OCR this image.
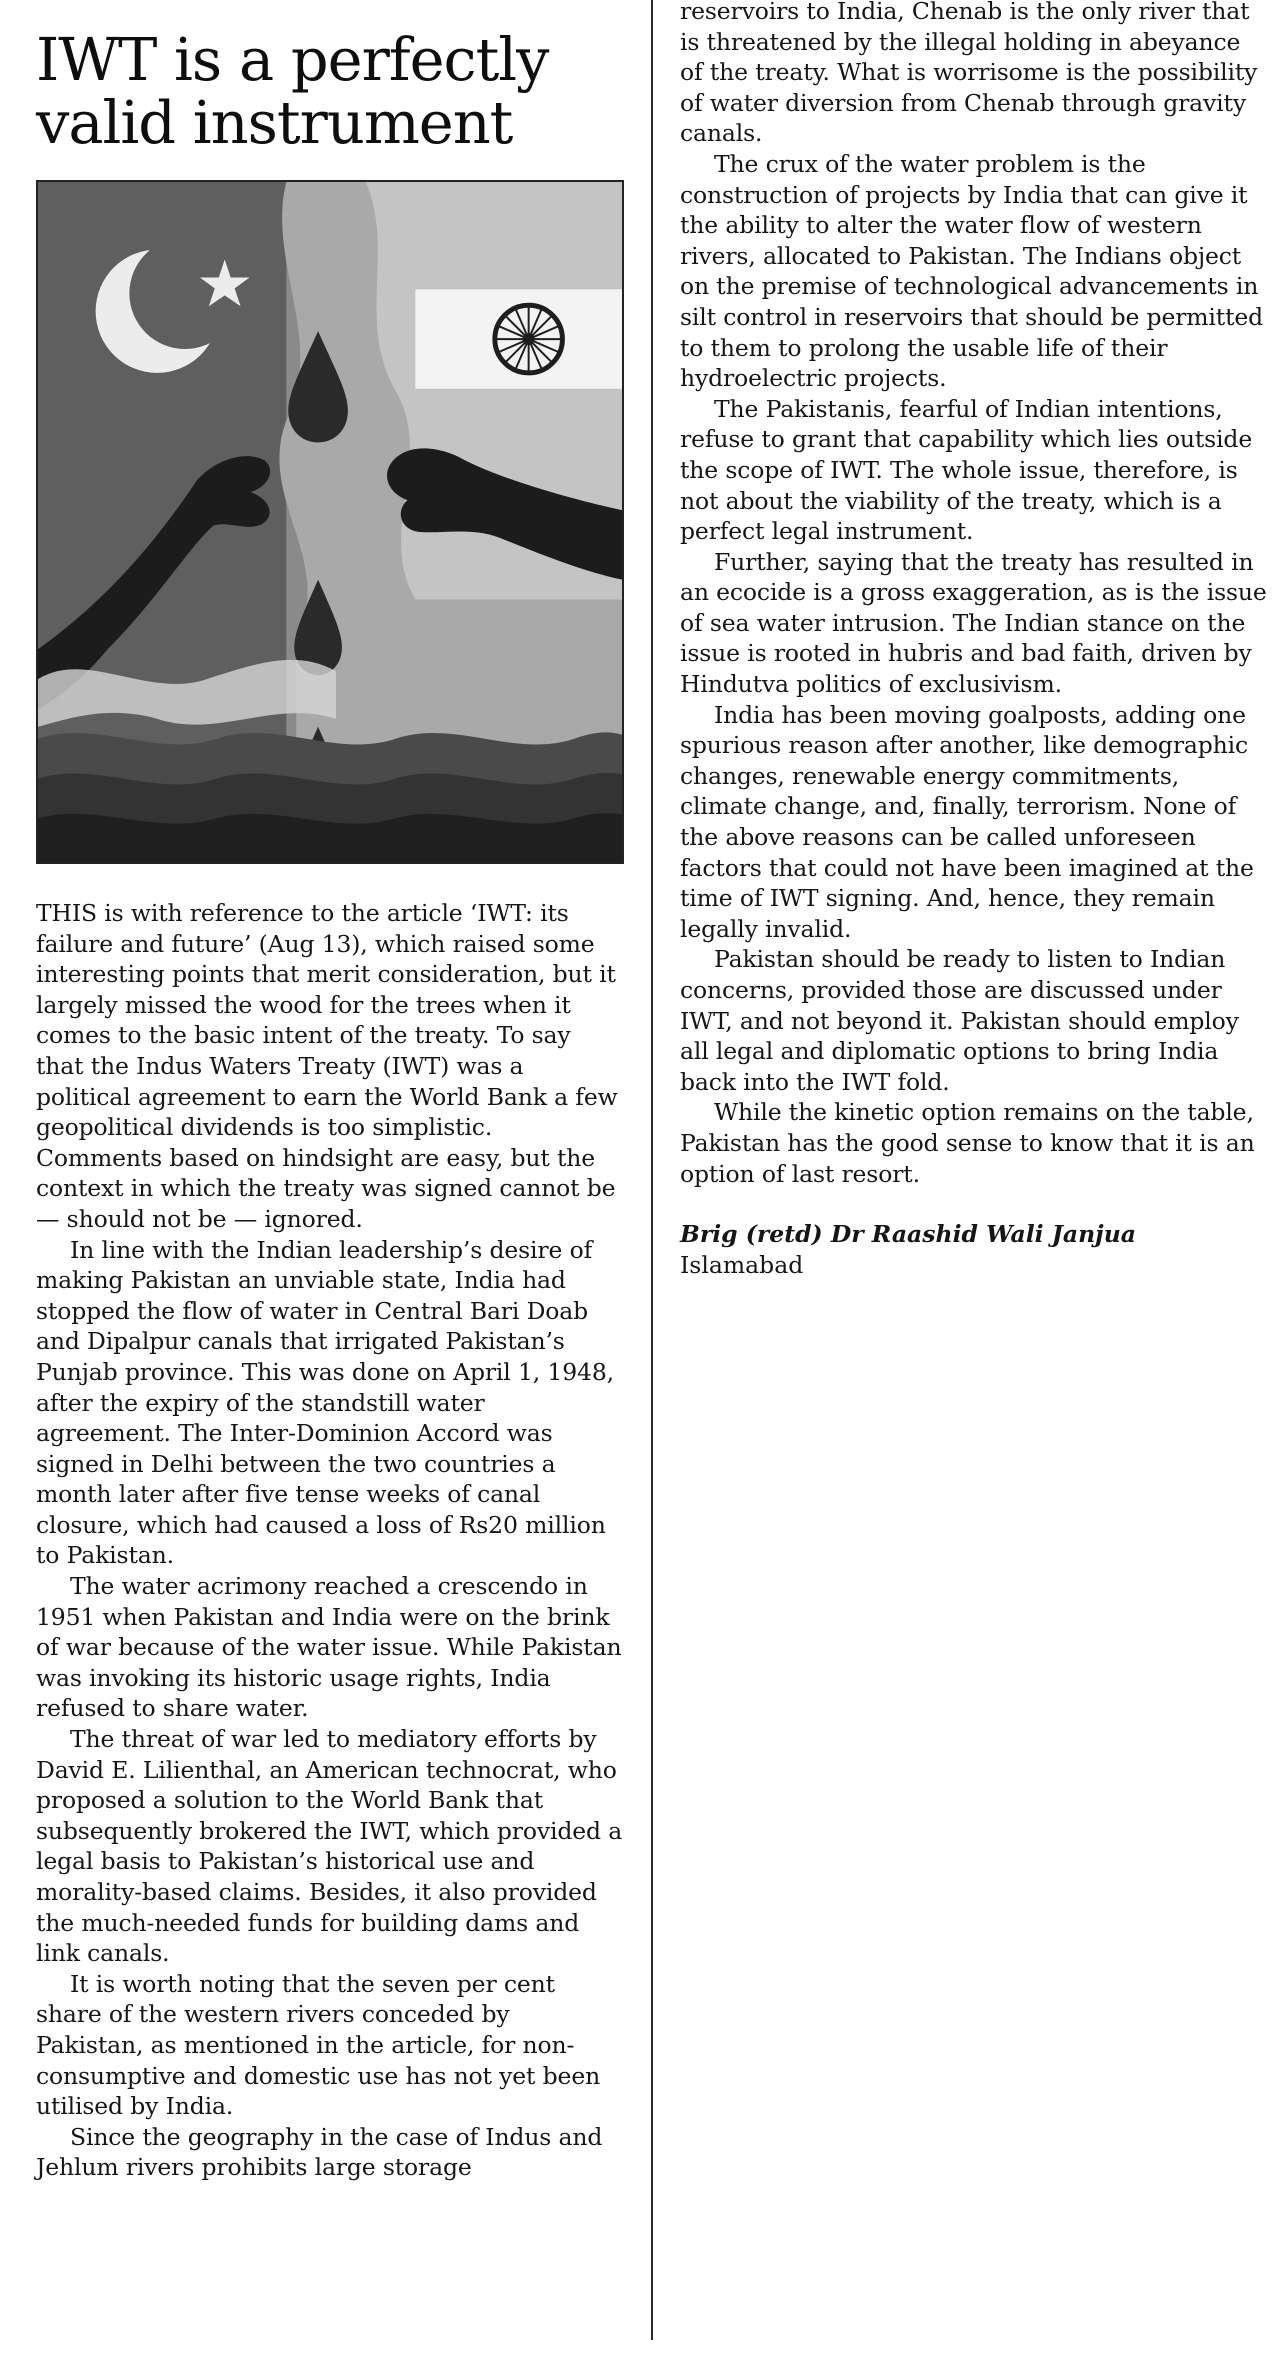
IWT is a perfectly valid instrument

THIS is with reference to the article ‘IWT: its failure and future’ (Aug 13), which raised some interesting points that merit consideration, but it largely missed the wood for the trees when it comes to the basic intent of the treaty. To say that the Indus Waters Treaty (IWT) was a political agreement to earn the World Bank a few geopolitical dividends is too simplistic. Comments based on hindsight are easy, but the context in which the treaty was signed cannot be — should not be — ignored.

In line with the Indian leadership’s desire of making Pakistan an unviable state, India had stopped the flow of water in Central Bari Doab and Dipalpur canals that irrigated Pakistan’s Punjab province. This was done on April 1, 1948, after the expiry of the standstill water agreement. The Inter-Dominion Accord was signed in Delhi between the two countries a month later after five tense weeks of canal closure, which had caused a loss of Rs20 million to Pakistan.

The water acrimony reached a crescendo in 1951 when Pakistan and India were on the brink of war because of the water issue. While Pakistan was invoking its historic usage rights, India refused to share water.

The threat of war led to mediatory efforts by David E. Lilienthal, an American technocrat, who proposed a solution to the World Bank that subsequently brokered the IWT, which provided a legal basis to Pakistan’s historical use and morality-based claims. Besides, it also provided the much-needed funds for building dams and link canals.

It is worth noting that the seven per cent share of the western rivers conceded by Pakistan, as mentioned in the article, for non-consumptive and domestic use has not yet been utilised by India.

Since the geography in the case of Indus and Jehlum rivers prohibits large storage

reservoirs to India, Chenab is the only river that is threatened by the illegal holding in abeyance of the treaty. What is worrisome is the possibility of water diversion from Chenab through gravity canals.

The crux of the water problem is the construction of projects by India that can give it the ability to alter the water flow of western rivers, allocated to Pakistan. The Indians object on the premise of technological advancements in silt control in reservoirs that should be permitted to them to prolong the usable life of their hydroelectric projects.

The Pakistanis, fearful of Indian intentions, refuse to grant that capability which lies outside the scope of IWT. The whole issue, therefore, is not about the viability of the treaty, which is a perfect legal instrument.

Further, saying that the treaty has resulted in an ecocide is a gross exaggeration, as is the issue of sea water intrusion. The Indian stance on the issue is rooted in hubris and bad faith, driven by Hindutva politics of exclusivism.

India has been moving goalposts, adding one spurious reason after another, like demographic changes, renewable energy commitments, climate change, and, finally, terrorism. None of the above reasons can be called unforeseen factors that could not have been imagined at the time of IWT signing. And, hence, they remain legally invalid.

Pakistan should be ready to listen to Indian concerns, provided those are discussed under IWT, and not beyond it. Pakistan should employ all legal and diplomatic options to bring India back into the IWT fold.

While the kinetic option remains on the table, Pakistan has the good sense to know that it is an option of last resort.

Brig (retd) Dr Raashid Wali Janjua

Islamabad
